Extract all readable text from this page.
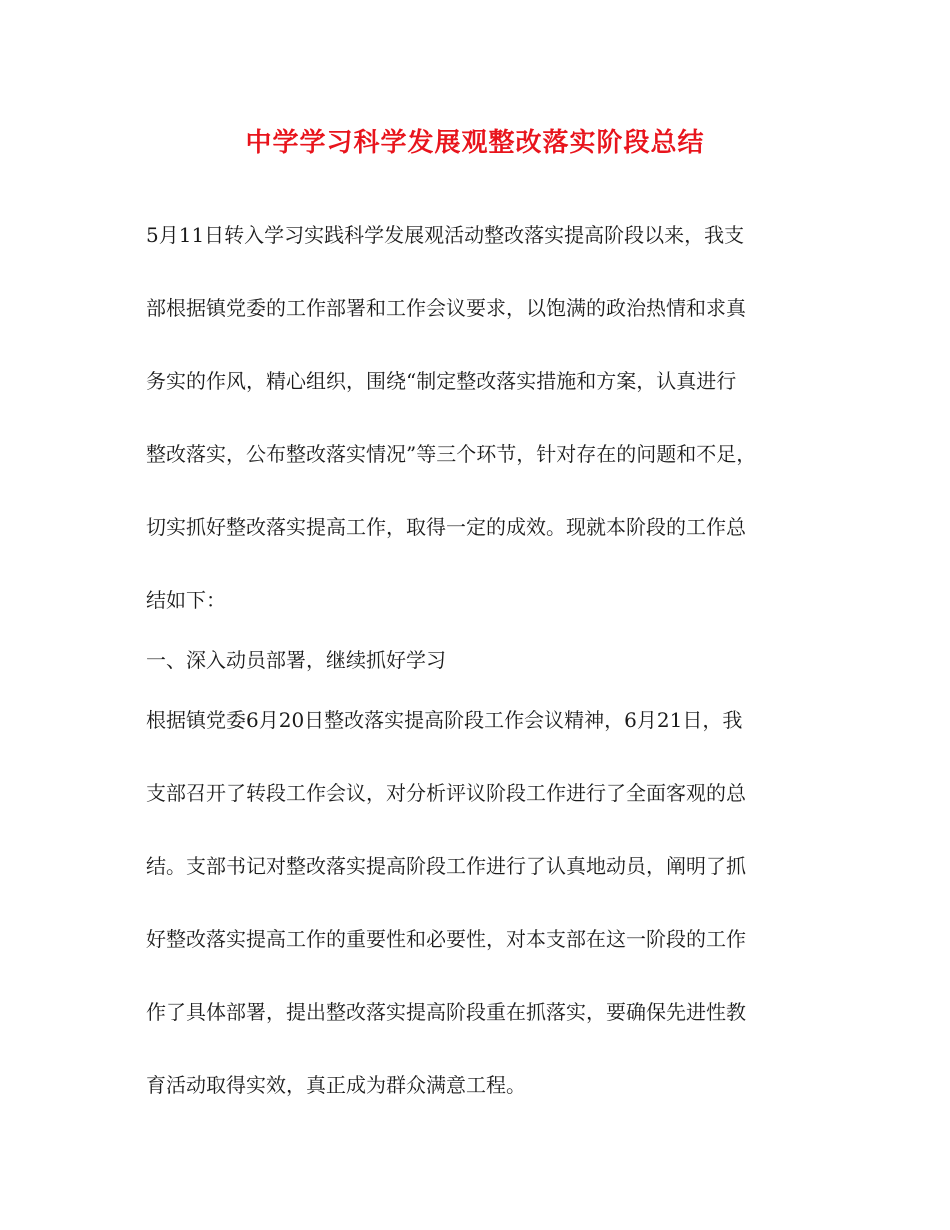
中学学习科学发展观整改落实阶段总结
5月11日转入学习实践科学发展观活动整改落实提高阶段以来，我支
部根据镇党委的工作部署和工作会议要求，以饱满的政治热情和求真
务实的作风，精心组织，围绕“制定整改落实措施和方案，认真进行
整改落实，公布整改落实情况”等三个环节，针对存在的问题和不足，
切实抓好整改落实提高工作，取得一定的成效。现就本阶段的工作总
结如下：
一、深入动员部署，继续抓好学习
根据镇党委6月20日整改落实提高阶段工作会议精神，6月21日，我
支部召开了转段工作会议，对分析评议阶段工作进行了全面客观的总
结。支部书记对整改落实提高阶段工作进行了认真地动员，阐明了抓
好整改落实提高工作的重要性和必要性，对本支部在这一阶段的工作
作了具体部署，提出整改落实提高阶段重在抓落实，要确保先进性教
育活动取得实效，真正成为群众满意工程。
